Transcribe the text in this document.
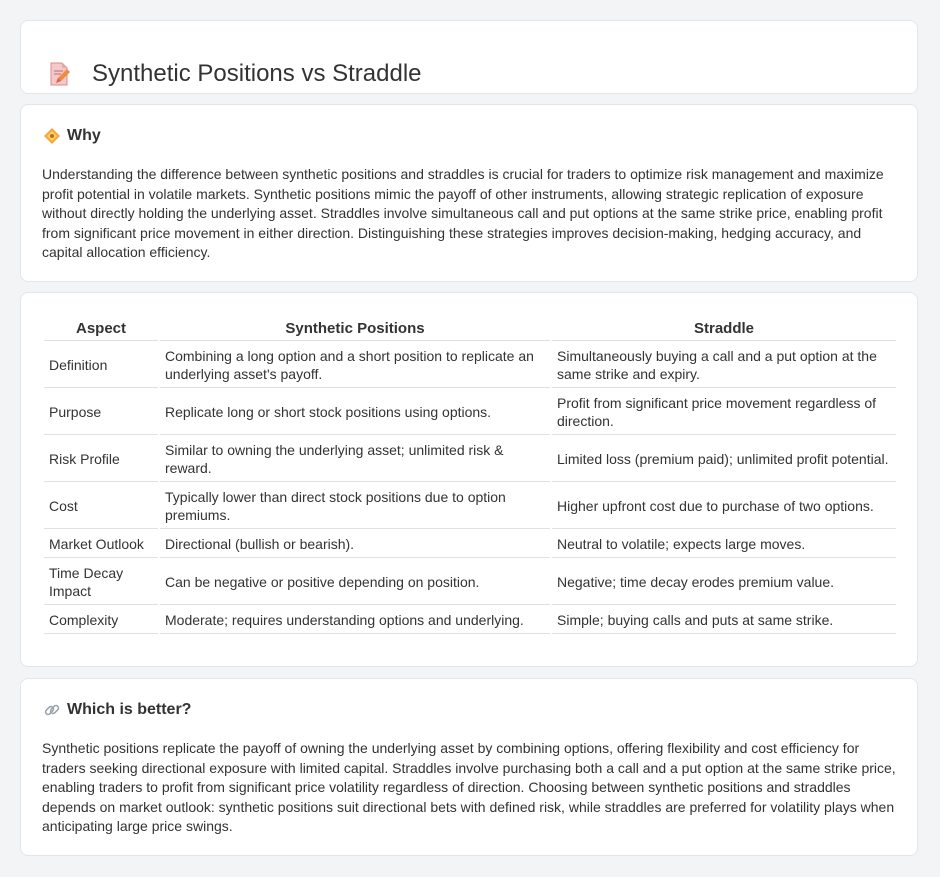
Synthetic Positions vs Straddle
Why

Understanding the difference between synthetic positions and straddles is crucial for traders to optimize risk management and maximize profit potential in volatile markets. Synthetic positions mimic the payoff of other instruments, allowing strategic replication of exposure without directly holding the underlying asset. Straddles involve simultaneous call and put options at the same strike price, enabling profit from significant price movement in either direction. Distinguishing these strategies improves decision-making, hedging accuracy, and capital allocation efficiency.

Aspect	Synthetic Positions	Straddle
Definition	Combining a long option and a short position to replicate an underlying asset's payoff.	Simultaneously buying a call and a put option at the same strike and expiry.
Purpose	Replicate long or short stock positions using options.	Profit from significant price movement regardless of direction.
Risk Profile	Similar to owning the underlying asset; unlimited risk & reward.	Limited loss (premium paid); unlimited profit potential.
Cost	Typically lower than direct stock positions due to option premiums.	Higher upfront cost due to purchase of two options.
Market Outlook	Directional (bullish or bearish).	Neutral to volatile; expects large moves.
Time Decay Impact	Can be negative or positive depending on position.	Negative; time decay erodes premium value.
Complexity	Moderate; requires understanding options and underlying.	Simple; buying calls and puts at same strike.
Which is better?

Synthetic positions replicate the payoff of owning the underlying asset by combining options, offering flexibility and cost efficiency for traders seeking directional exposure with limited capital. Straddles involve purchasing both a call and a put option at the same strike price, enabling traders to profit from significant price volatility regardless of direction. Choosing between synthetic positions and straddles depends on market outlook: synthetic positions suit directional bets with defined risk, while straddles are preferred for volatility plays when anticipating large price swings.
